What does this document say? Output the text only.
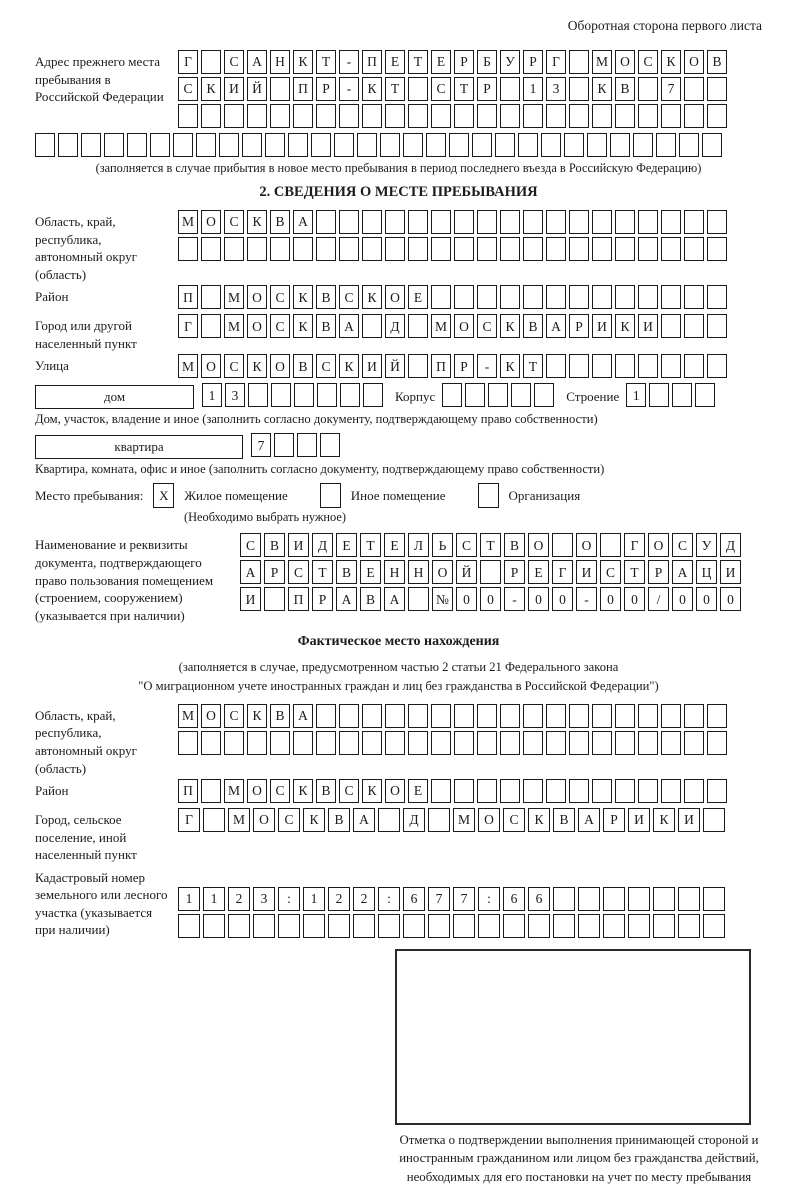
Оборотная сторона первого листа
Адрес прежнего места пребывания в Российской Федерации
Г	С	А Н	К	Т	-	П	Е	Т	Е	Р	Б	У	Р	Г	М О	С	К	О	В
С	К	И Й	П	Р	-	К	Т	С	Т	Р	1	3	К	В	7
(заполняется в случае прибытия в новое место пребывания в период последнего въезда в Российскую Федерацию)
2. СВЕДЕНИЯ О МЕСТЕ ПРЕБЫВАНИЯ
Область, край, республика, автономный округ (область)
М О	С	К	В	А
Район	П	М О	С	К	В	С	К	О	Е
Город или другой населенный пункт
Г	М О	С	К	В	А	Д	М О	С	К	В	А	Р	И	К	И
Улица	М О	С	К	О	В	С	К	И Й	П	Р	-	К	Т
дом	1	3	Корпус	Строение	1
Дом, участок, владение и иное (заполнить согласно документу, подтверждающему право собственности)
квартира	7
Квартира, комната, офис и иное (заполнить согласно документу, подтверждающему право собственности)
Место пребывания:	X	Жилое помещение	Иное помещение	Организация
(Необходимо выбрать нужное)
Наименование и реквизиты документа, подтверждающего право пользования помещением (строением, сооружением) (указывается при наличии)
С	В	И	Д	Е	Т	Е	Л	Ь	С	Т	В	О	О	Г	О	С	У	Д
А	Р	С	Т	В	Е	Н	Н	О	Й	Р	Е	Г	И	С	Т	Р	А	Ц	И
И	П	Р	А	В	А	№	0	0	-	0	0	-	0	0	/	0	0	0
Фактическое место нахождения
(заполняется в случае, предусмотренном частью 2 статьи 21 Федерального закона
"О миграционном учете иностранных граждан и лиц без гражданства в Российской Федерации")
Область, край, республика, автономный округ (область)
М О	С	К	В	А
Район	П	М О	С	К	В	С	К	О	Е
Город, сельское поселение, иной населенный пункт
Г	М	О	С	К	В	А	Д	М	О	С	К	В	А	Р	И	К	И
Кадастровый номер земельного или лесного участка (указывается при наличии)
1	1	2	3	:	1	2	2	:	6	7	7	:	6	6
Отметка о подтверждении выполнения принимающей стороной и иностранным гражданином или лицом без гражданства действий, необходимых для его постановки на учет по месту пребывания
